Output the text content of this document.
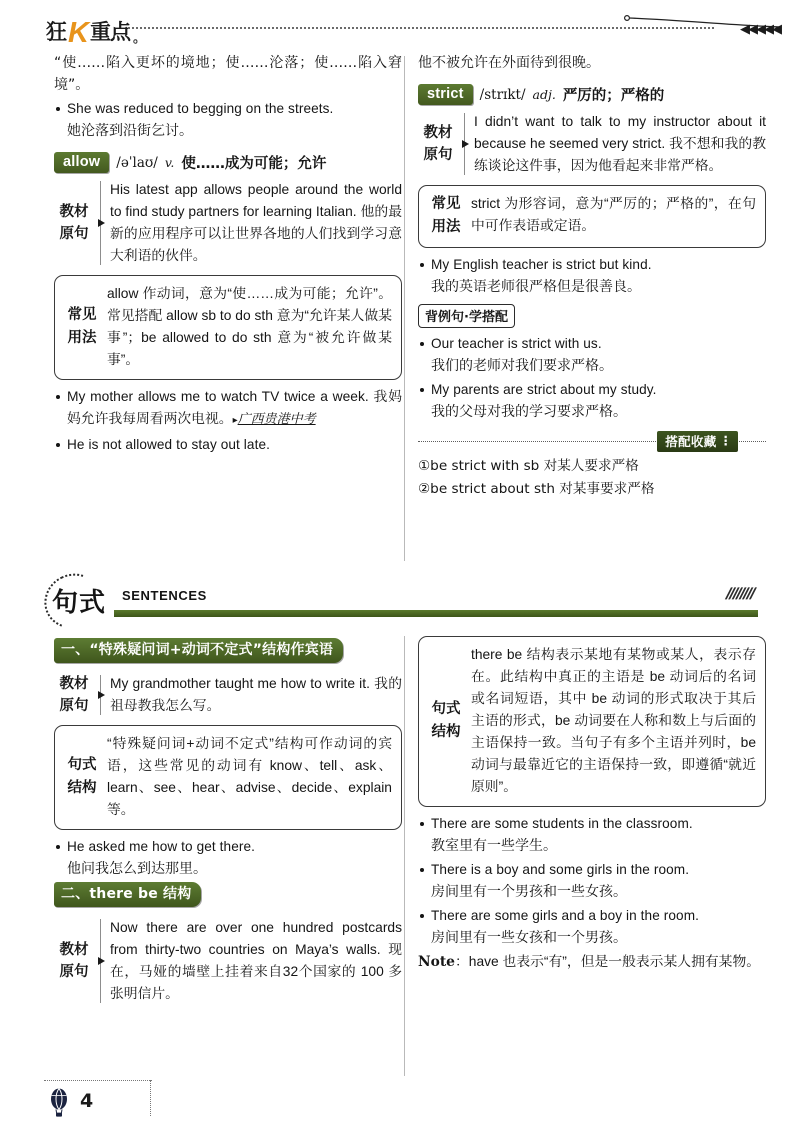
狂 K 重点 。
◀◀◀◀◀
“使……陷入更坏的境地；使……沦落；使……陷入窘境”。
She was reduced to begging on the streets.
她沦落到沿街乞讨。
allow	/əˈlaʊ/ v. 使……成为可能；允许
教材
原句
His latest app allows people around the world to find study partners for learning Italian. 他的最新的应用程序可以让世界各地的人们找到学习意大利语的伙伴。
常见
用法
allow 作动词，意为“使……成为可能；允许”。常见搭配 allow sb to do sth 意为“允许某人做某事”；be allowed to do sth 意为“被允许做某事”。
My mother allows me to watch TV twice a week. 我妈妈允许我每周看两次电视。▸广西贵港中考
He is not allowed to stay out late.
他不被允许在外面待到很晚。
strict	/strɪkt/ adj. 严厉的；严格的
教材
原句
I didn’t want to talk to my instructor about it because he seemed very strict. 我不想和我的教练谈论这件事，因为他看起来非常严格。
常见
用法
strict 为形容词，意为“严厉的；严格的”，在句中可作表语或定语。
My English teacher is strict but kind.
我的英语老师很严格但是很善良。
背例句·学搭配
Our teacher is strict with us.
我们的老师对我们要求严格。
My parents are strict about my study.
我的父母对我的学习要求严格。
搭配收藏 ⋮
①be strict with sb 对某人要求严格
②be strict about sth 对某事要求严格
句式 SENTENCES	////////
一、“特殊疑问词+动词不定式”结构作宾语
教材
原句
My grandmother taught me how to write it. 我的祖母教我怎么写。
句式
结构
“特殊疑问词+动词不定式”结构可作动词的宾语，这些常见的动词有 know、tell、ask、learn、see、hear、advise、decide、explain 等。
He asked me how to get there.
他问我怎么到达那里。
二、there be 结构
教材
原句
Now there are over one hundred postcards from thirty-two countries on Maya’s walls. 现在，马娅的墙壁上挂着来自32个国家的 100 多张明信片。
句式
结构
there be 结构表示某地有某物或某人，表示存在。此结构中真正的主语是 be 动词后的名词或名词短语，其中 be 动词的形式取决于其后主语的形式，be 动词要在人称和数上与后面的主语保持一致。当句子有多个主语并列时，be 动词与最靠近它的主语保持一致，即遵循“就近原则”。
There are some students in the classroom.
教室里有一些学生。
There is a boy and some girls in the room.
房间里有一个男孩和一些女孩。
There are some girls and a boy in the room.
房间里有一些女孩和一个男孩。
Note：have 也表示“有”，但是一般表示某人拥有某物。
4
